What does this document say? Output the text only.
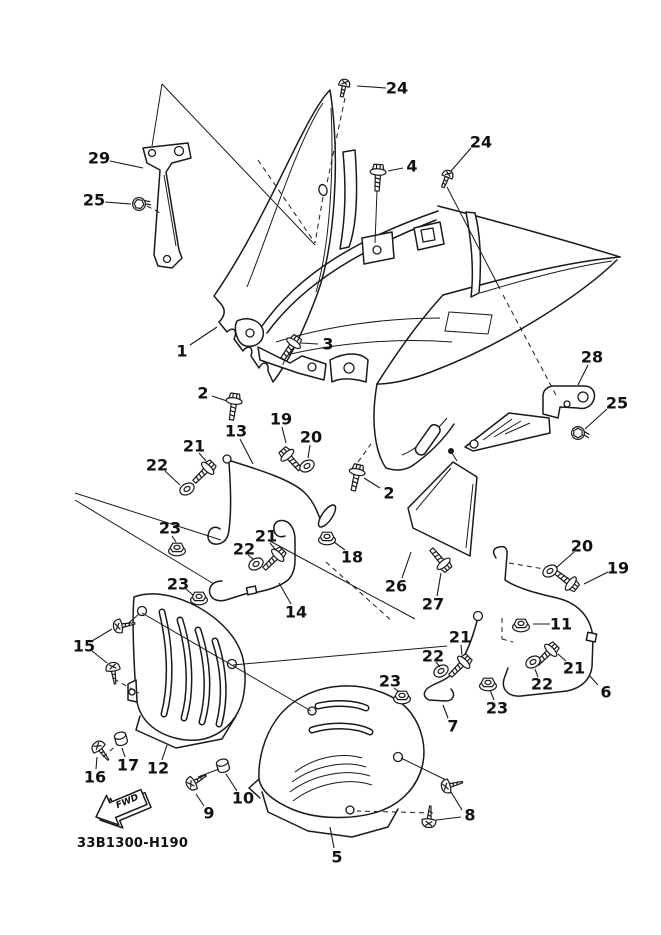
FWD
33B1300-H190
24
29
25
4
24
1	3
2
28
25
19
13	20
21
22
2
23	21
22	18
23
14
26
27
20
19
15
11
21
22
23
21
22	6
23
7
16
17 12
9
10
8
5
